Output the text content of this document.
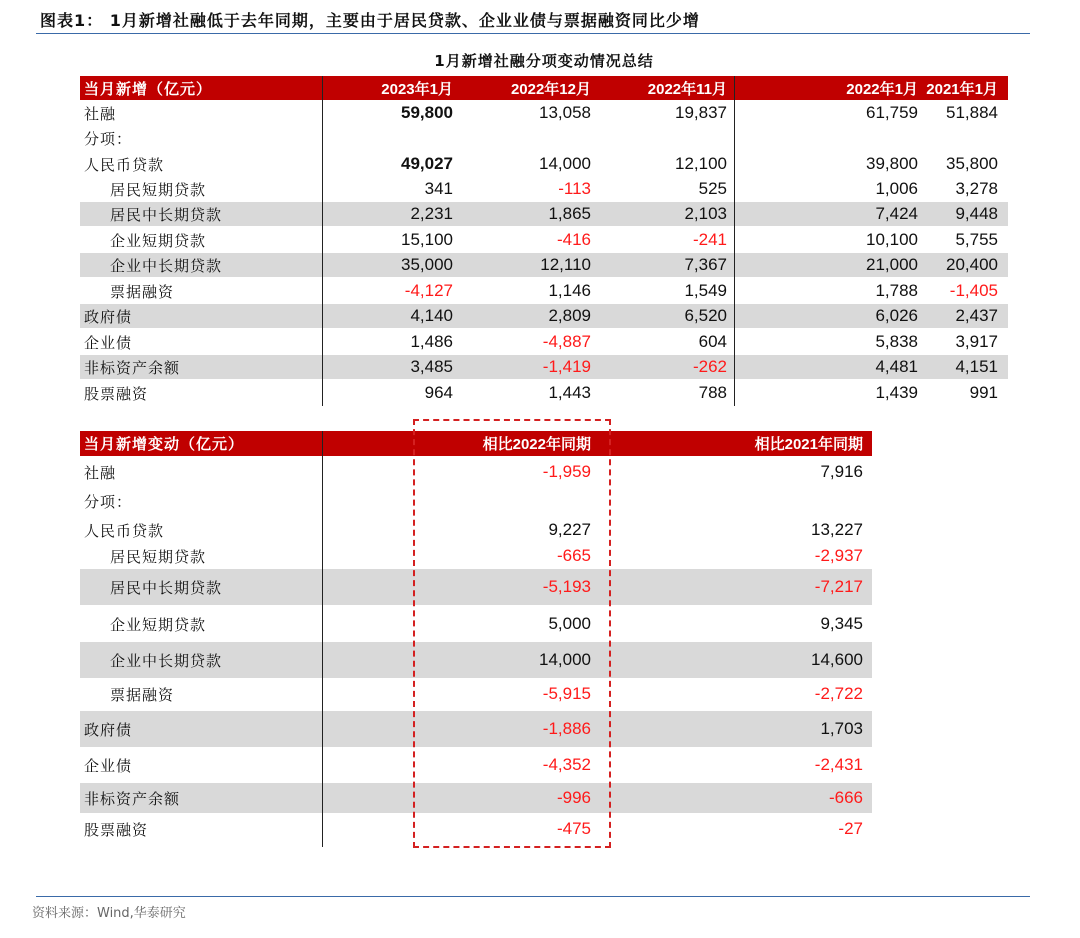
图表1： 1月新增社融低于去年同期，主要由于居民贷款、企业业债与票据融资同比少增
1月新增社融分项变动情况总结
当月新增（亿元）	2023年1月	2022年12月	2022年11月	2022年1月 2021年1月
社融	59,800	13,058	19,837	61,759 51,884
分项：
人民币贷款	49,027	14,000	12,100	39,800 35,800
居民短期贷款	341	-113	525	1,006 3,278
居民中长期贷款	2,231	1,865	2,103	7,424 9,448
企业短期贷款	15,100	-416	-241	10,100 5,755
企业中长期贷款	35,000	12,110	7,367	21,000 20,400
票据融资	-4,127	1,146	1,549	1,788 -1,405
政府债	4,140	2,809	6,520	6,026 2,437
企业债	1,486	-4,887	604	5,838 3,917
非标资产余额	3,485	-1,419	-262	4,481 4,151
股票融资	964	1,443	788	1,439	991
当月新增变动（亿元）	相比2022年同期	相比2021年同期
社融	-1,959	7,916
分项：
人民币贷款	9,227	13,227
居民短期贷款	-665	-2,937
居民中长期贷款	-5,193	-7,217
企业短期贷款	5,000	9,345
企业中长期贷款	14,000	14,600
票据融资	-5,915	-2,722
政府债	-1,886	1,703
企业债	-4,352	-2,431
非标资产余额	-996	-666
股票融资	-475	-27
资料来源：Wind,华泰研究
